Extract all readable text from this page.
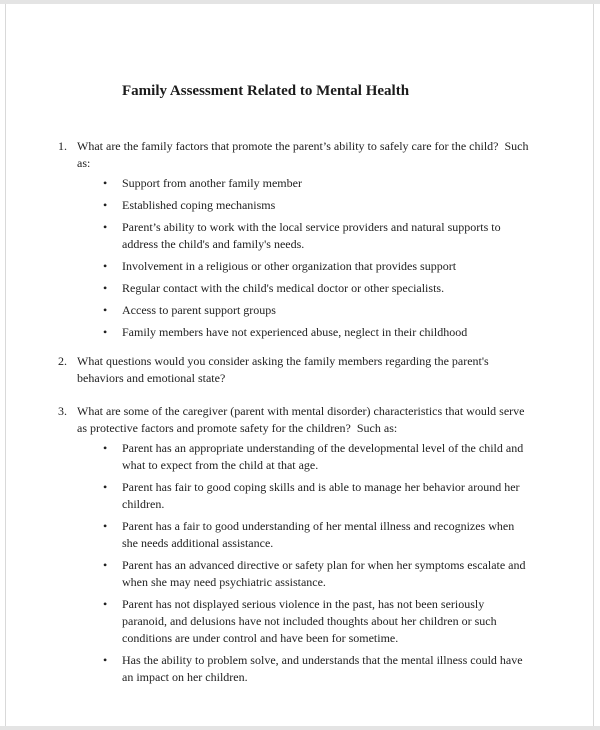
Family Assessment Related to Mental Health
1. What are the family factors that promote the parent’s ability to safely care for the child?  Such as:
•
Support from another family member
•
Established coping mechanisms
•
Parent’s ability to work with the local service providers and natural supports to address the child's and family's needs.
•
Involvement in a religious or other organization that provides support
•
Regular contact with the child's medical doctor or other specialists.
•
Access to parent support groups
•
Family members have not experienced abuse, neglect in their childhood
2. What questions would you consider asking the family members regarding the parent's behaviors and emotional state?
3. What are some of the caregiver (parent with mental disorder) characteristics that would serve as protective factors and promote safety for the children?  Such as:
•
Parent has an appropriate understanding of the developmental level of the child and what to expect from the child at that age.
•
Parent has fair to good coping skills and is able to manage her behavior around her children.
•
Parent has a fair to good understanding of her mental illness and recognizes when she needs additional assistance.
•
Parent has an advanced directive or safety plan for when her symptoms escalate and when she may need psychiatric assistance.
•
Parent has not displayed serious violence in the past, has not been seriously paranoid, and delusions have not included thoughts about her children or such conditions are under control and have been for sometime.
•
Has the ability to problem solve, and understands that the mental illness could have an impact on her children.
